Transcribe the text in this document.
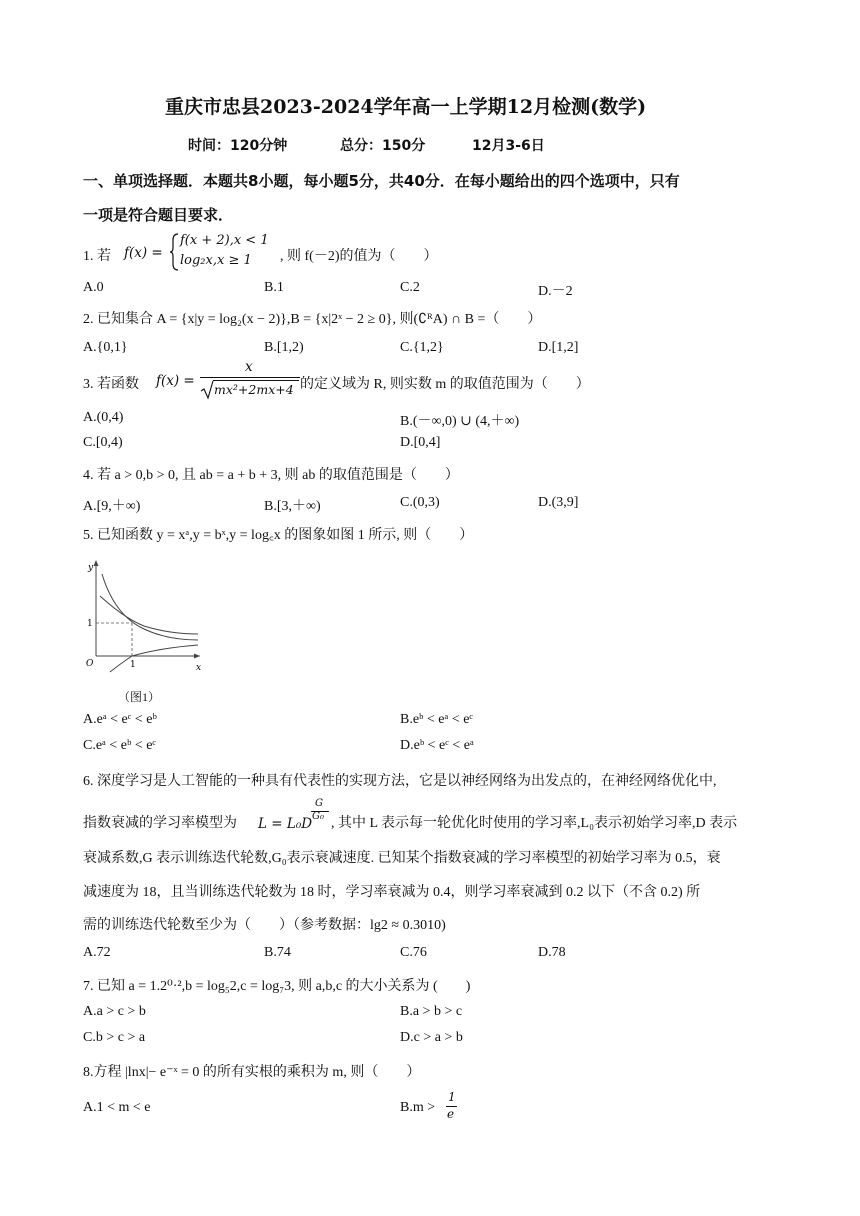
重庆市忠县2023-2024学年高一上学期12月检测(数学)
时间：120分钟	总分：150分	12月3-6日
一、单项选择题．本题共8小题，每小题5分，共40分．在每小题给出的四个选项中，只有
一项是符合题目要求．
1. 若 f(x) =
f(x + 2),x < 1
log₂x,x ≥ 1 , 则 f(－2)的值为（　　）
A.0	B.1	C.2	D.－2
2. 已知集合 A = {x|y = log₂(x − 2)},B = {x|2ˣ − 2 ≥ 0}, 则(∁ᴿA) ∩ B =（　　）
A.{0,1}	B.[1,2)	C.{1,2}	D.[1,2]
3. 若函数 f(x) =
x
mx²+2mx+4 的定义域为 R, 则实数 m 的取值范围为（　　）
A.(0,4)	B.(－∞,0) ∪ (4,＋∞)
C.[0,4)	D.[0,4]
4. 若 a > 0,b > 0, 且 ab = a + b + 3, 则 ab 的取值范围是（　　）
A.[9,＋∞)	B.[3,＋∞)	C.(0,3)	D.(3,9]
5. 已知函数 y = xᵃ,y = bˣ,y = log꜀x 的图象如图 1 所示, 则（　　）
y
x
O	1
1
（图1）
A.eᵃ < eᶜ < eᵇ	B.eᵇ < eᵃ < eᶜ
C.eᵃ < eᵇ < eᶜ	D.eᵇ < eᶜ < eᵃ
6. 深度学习是人工智能的一种具有代表性的实现方法，它是以神经网络为出发点的，在神经网络优化中,
指数衰减的学习率模型为 L = L₀D
G
G₀ , 其中 L 表示每一轮优化时使用的学习率,L₀表示初始学习率,D 表示
衰减系数,G 表示训练迭代轮数,G₀表示衰减速度. 已知某个指数衰减的学习率模型的初始学习率为 0.5，衰
减速度为 18，且当训练迭代轮数为 18 时，学习率衰减为 0.4，则学习率衰减到 0.2 以下（不含 0.2) 所
需的训练迭代轮数至少为（　　）（参考数据：lg2 ≈ 0.3010)
A.72	B.74	C.76	D.78
7. 已知 a = 1.2⁰·²,b = log₅2,c = log₇3, 则 a,b,c 的大小关系为 (　　)
A.a > c > b	B.a > b > c
C.b > c > a	D.c > a > b
8.方程 |lnx|− e⁻ˣ = 0 的所有实根的乘积为 m, 则（　　）
A.1 < m < e	B.m >
1
e
